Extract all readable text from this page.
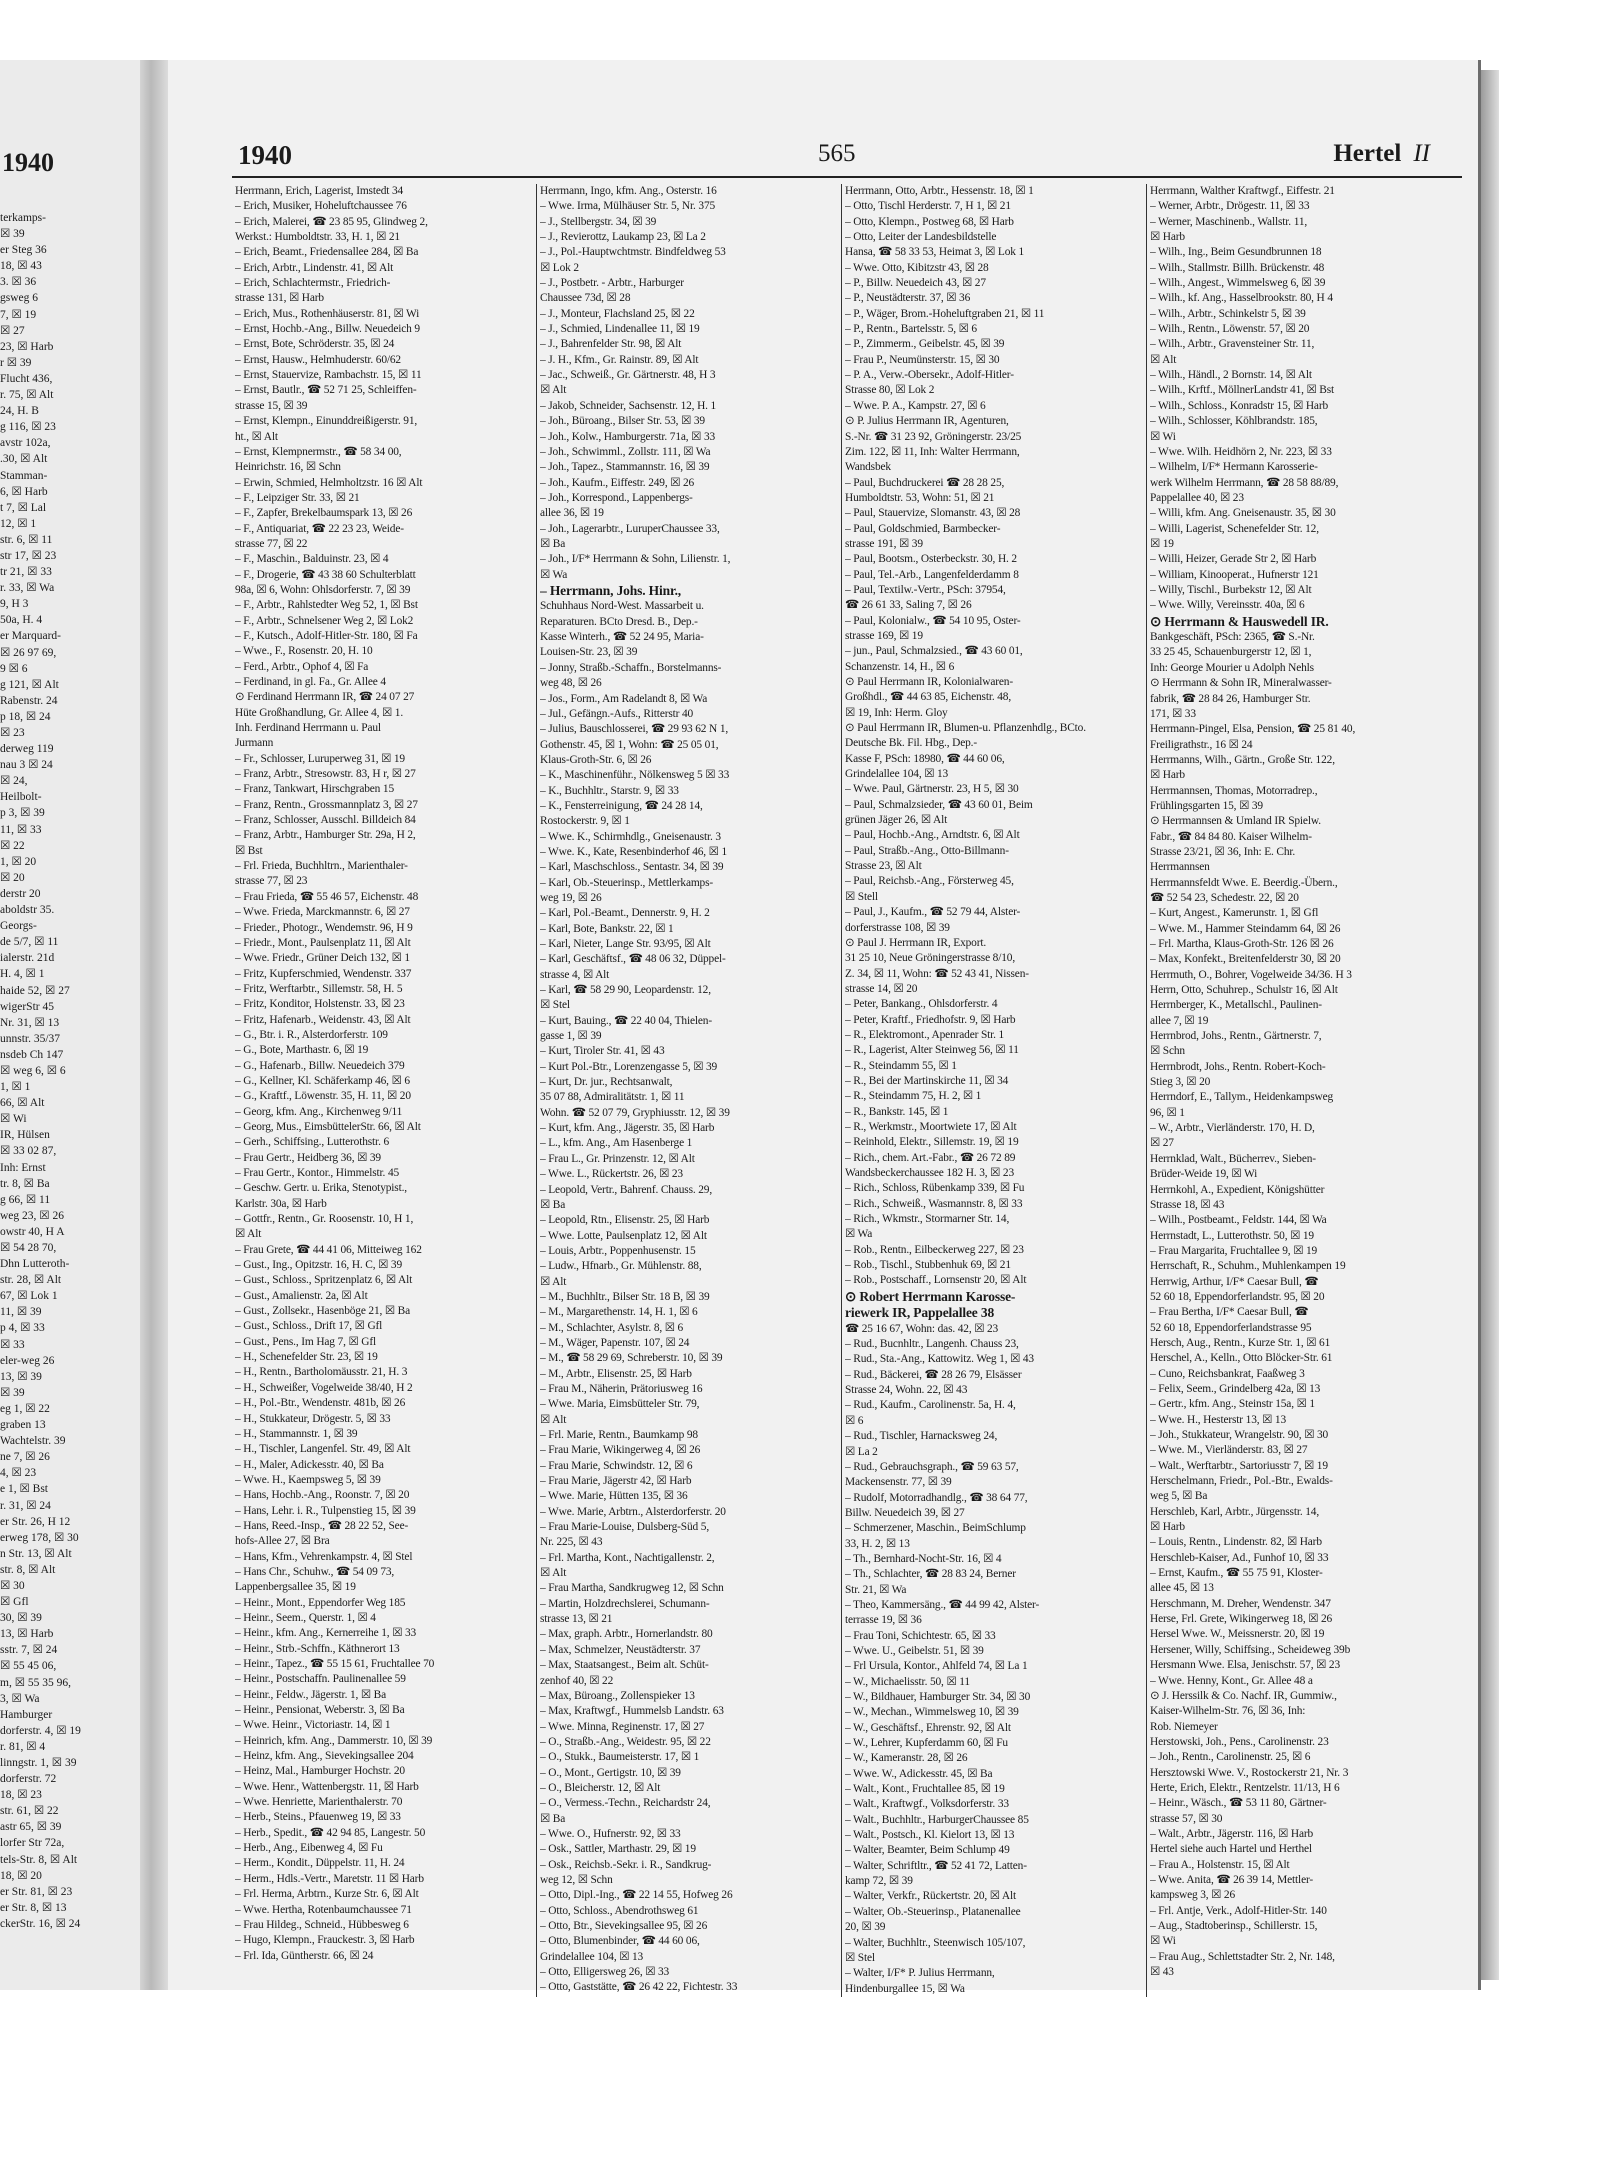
1940
terkamps-
☒ 39
er Steg 36
18, ☒ 43
3. ☒ 36
gsweg 6
7, ☒ 19
☒ 27
23, ☒ Harb
r ☒ 39
Flucht 436,
r. 75, ☒ Alt
24, H. B
g 116, ☒ 23
avstr 102a,
.30, ☒ Alt
Stamman-
6, ☒ Harb
t 7, ☒ Lal
12, ☒ 1
str. 6, ☒ 11
str 17, ☒ 23
tr 21, ☒ 33
r. 33, ☒ Wa
9, H 3
50a, H. 4
er Marquard-
☒ 26 97 69,
9 ☒ 6
g 121, ☒ Alt
Rabenstr. 24
p 18, ☒ 24
☒ 23
derweg 119
nau 3 ☒ 24
☒ 24,
Heilbolt-
p 3, ☒ 39
11, ☒ 33
☒ 22
1, ☒ 20
☒ 20
derstr 20
aboldstr 35.
Georgs-
de 5/7, ☒ 11
ialerstr. 21d
H. 4, ☒ 1
haide 52, ☒ 27
wigerStr 45
Nr. 31, ☒ 13
unnstr. 35/37
nsdeb Ch 147
☒ weg 6, ☒ 6
1, ☒ 1
66, ☒ Alt
☒ Wi
IR, Hülsen
☒ 33 02 87,
Inh: Ernst
tr. 8, ☒ Ba
g 66, ☒ 11
weg 23, ☒ 26
owstr 40, H A
☒ 54 28 70,
Dhn Lutteroth-
str. 28, ☒ Alt
67, ☒ Lok 1
11, ☒ 39
p 4, ☒ 33
☒ 33
eler-weg 26
13, ☒ 39
☒ 39
eg 1, ☒ 22
graben 13
Wachtelstr. 39
ne 7, ☒ 26
4, ☒ 23
e 1, ☒ Bst
r. 31, ☒ 24
er Str. 26, H 12
erweg 178, ☒ 30
n Str. 13, ☒ Alt
str. 8, ☒ Alt
☒ 30
☒ Gfl
30, ☒ 39
13, ☒ Harb
sstr. 7, ☒ 24
☒ 55 45 06,
m, ☒ 55 35 96,
3, ☒ Wa
Hamburger
dorferstr. 4, ☒ 19
r. 81, ☒ 4
linngstr. 1, ☒ 39
dorferstr. 72
18, ☒ 23
str. 61, ☒ 22
astr 65, ☒ 39
lorfer Str 72a,
tels-Str. 8, ☒ Alt
18, ☒ 20
er Str. 81, ☒ 23
er Str. 8, ☒ 13
ckerStr. 16, ☒ 24
1940	565	Hertel II
Herrmann, Erich, Lagerist, Imstedt 34
– Erich, Musiker, Hoheluftchaussee 76
– Erich, Malerei, ☎ 23 85 95, Glindweg 2,
Werkst.: Humboldtstr. 33, H. 1, ☒ 21
– Erich, Beamt., Friedensallee 284, ☒ Ba
– Erich, Arbtr., Lindenstr. 41, ☒ Alt
– Erich, Schlachtermstr., Friedrich-
strasse 131, ☒ Harb
– Erich, Mus., Rothenhäuserstr. 81, ☒ Wi
– Ernst, Hochb.-Ang., Billw. Neuedeich 9
– Ernst, Bote, Schröderstr. 35, ☒ 24
– Ernst, Hausw., Helmhuderstr. 60/62
– Ernst, Stauervize, Rambachstr. 15, ☒ 11
– Ernst, Bautlr., ☎ 52 71 25, Schleiffen-
strasse 15, ☒ 39
– Ernst, Klempn., Einunddreißigerstr. 91,
ht., ☒ Alt
– Ernst, Klempnermstr., ☎ 58 34 00,
Heinrichstr. 16, ☒ Schn
– Erwin, Schmied, Helmholtzstr. 16 ☒ Alt
– F., Leipziger Str. 33, ☒ 21
– F., Zapfer, Brekelbaumspark 13, ☒ 26
– F., Antiquariat, ☎ 22 23 23, Weide-
strasse 77, ☒ 22
– F., Maschin., Balduinstr. 23, ☒ 4
– F., Drogerie, ☎ 43 38 60 Schulterblatt
98a, ☒ 6, Wohn: Ohlsdorferstr. 7, ☒ 39
– F., Arbtr., Rahlstedter Weg 52, 1, ☒ Bst
– F., Arbtr., Schnelsener Weg 2, ☒ Lok2
– F., Kutsch., Adolf-Hitler-Str. 180, ☒ Fa
– Wwe., F., Rosenstr. 20, H. 10
– Ferd., Arbtr., Ophof 4, ☒ Fa
– Ferdinand, in gl. Fa., Gr. Allee 4
⊙ Ferdinand Herrmann IR, ☎ 24 07 27
Hüte Großhandlung, Gr. Allee 4, ☒ 1.
Inh. Ferdinand Herrmann u. Paul
Jurmann
– Fr., Schlosser, Luruperweg 31, ☒ 19
– Franz, Arbtr., Stresowstr. 83, H r, ☒ 27
– Franz, Tankwart, Hirschgraben 15
– Franz, Rentn., Grossmannplatz 3, ☒ 27
– Franz, Schlosser, Ausschl. Billdeich 84
– Franz, Arbtr., Hamburger Str. 29a, H 2,
☒ Bst
– Frl. Frieda, Buchhltrn., Marienthaler-
strasse 77, ☒ 23
– Frau Frieda, ☎ 55 46 57, Eichenstr. 48
– Wwe. Frieda, Marckmannstr. 6, ☒ 27
– Frieder., Photogr., Wendemstr. 96, H 9
– Friedr., Mont., Paulsenplatz 11, ☒ Alt
– Wwe. Friedr., Grüner Deich 132, ☒ 1
– Fritz, Kupferschmied, Wendenstr. 337
– Fritz, Werftarbtr., Sillemstr. 58, H. 5
– Fritz, Konditor, Holstenstr. 33, ☒ 23
– Fritz, Hafenarb., Weidenstr. 43, ☒ Alt
– G., Btr. i. R., Alsterdorferstr. 109
– G., Bote, Marthastr. 6, ☒ 19
– G., Hafenarb., Billw. Neuedeich 379
– G., Kellner, Kl. Schäferkamp 46, ☒ 6
– G., Kraftf., Löwenstr. 35, H. 11, ☒ 20
– Georg, kfm. Ang., Kirchenweg 9/11
– Georg, Mus., EimsbüttelerStr. 66, ☒ Alt
– Gerh., Schiffsing., Lutterothstr. 6
– Frau Gertr., Heidberg 36, ☒ 39
– Frau Gertr., Kontor., Himmelstr. 45
– Geschw. Gertr. u. Erika, Stenotypist.,
Karlstr. 30a, ☒ Harb
– Gottfr., Rentn., Gr. Roosenstr. 10, H 1,
☒ Alt
– Frau Grete, ☎ 44 41 06, Mitteiweg 162
– Gust., Ing., Opitzstr. 16, H. C, ☒ 39
– Gust., Schloss., Spritzenplatz 6, ☒ Alt
– Gust., Amalienstr. 2a, ☒ Alt
– Gust., Zollsekr., Hasenböge 21, ☒ Ba
– Gust., Schloss., Drift 17, ☒ Gfl
– Gust., Pens., Im Hag 7, ☒ Gfl
– H., Schenefelder Str. 23, ☒ 19
– H., Rentn., Bartholomäusstr. 21, H. 3
– H., Schweißer, Vogelweide 38/40, H 2
– H., Pol.-Btr., Wendenstr. 481b, ☒ 26
– H., Stukkateur, Drögestr. 5, ☒ 33
– H., Stammannstr. 1, ☒ 39
– H., Tischler, Langenfel. Str. 49, ☒ Alt
– H., Maler, Adickesstr. 40, ☒ Ba
– Wwe. H., Kaempsweg 5, ☒ 39
– Hans, Hochb.-Ang., Roonstr. 7, ☒ 20
– Hans, Lehr. i. R., Tulpenstieg 15, ☒ 39
– Hans, Reed.-Insp., ☎ 28 22 52, See-
hofs-Allee 27, ☒ Bra
– Hans, Kfm., Vehrenkampstr. 4, ☒ Stel
– Hans Chr., Schuhw., ☎ 54 09 73,
Lappenbergsallee 35, ☒ 19
– Heinr., Mont., Eppendorfer Weg 185
– Heinr., Seem., Querstr. 1, ☒ 4
– Heinr., kfm. Ang., Kernerreihe 1, ☒ 33
– Heinr., Strb.-Schffn., Käthnerort 13
– Heinr., Tapez., ☎ 55 15 61, Fruchtallee 70
– Heinr., Postschaffn. Paulinenallee 59
– Heinr., Feldw., Jägerstr. 1, ☒ Ba
– Heinr., Pensionat, Weberstr. 3, ☒ Ba
– Wwe. Heinr., Victoriastr. 14, ☒ 1
– Heinrich, kfm. Ang., Dammerstr. 10, ☒ 39
– Heinz, kfm. Ang., Sievekingsallee 204
– Heinz, Mal., Hamburger Hochstr. 20
– Wwe. Henr., Wattenbergstr. 11, ☒ Harb
– Wwe. Henriette, Marienthalerstr. 70
– Herb., Steins., Pfauenweg 19, ☒ 33
– Herb., Spedit., ☎ 42 94 85, Langestr. 50
– Herb., Ang., Eibenweg 4, ☒ Fu
– Herm., Kondit., Düppelstr. 11, H. 24
– Herm., Hdls.-Vertr., Maretstr. 11 ☒ Harb
– Frl. Herma, Arbtrn., Kurze Str. 6, ☒ Alt
– Wwe. Hertha, Rotenbaumchaussee 71
– Frau Hildeg., Schneid., Hübbesweg 6
– Hugo, Klempn., Frauckestr. 3, ☒ Harb
– Frl. Ida, Güntherstr. 66, ☒ 24
Herrmann, Ingo, kfm. Ang., Osterstr. 16
– Wwe. Irma, Mülhäuser Str. 5, Nr. 375
– J., Stellbergstr. 34, ☒ 39
– J., Revierottz, Laukamp 23, ☒ La 2
– J., Pol.-Hauptwchtmstr. Bindfeldweg 53
☒ Lok 2
– J., Postbetr. - Arbtr., Harburger
Chaussee 73d, ☒ 28
– J., Monteur, Flachsland 25, ☒ 22
– J., Schmied, Lindenallee 11, ☒ 19
– J., Bahrenfelder Str. 98, ☒ Alt
– J. H., Kfm., Gr. Rainstr. 89, ☒ Alt
– Jac., Schweiß., Gr. Gärtnerstr. 48, H 3
☒ Alt
– Jakob, Schneider, Sachsenstr. 12, H. 1
– Joh., Büroang., Bilser Str. 53, ☒ 39
– Joh., Kolw., Hamburgerstr. 71a, ☒ 33
– Joh., Schwimml., Zollstr. 111, ☒ Wa
– Joh., Tapez., Stammannstr. 16, ☒ 39
– Joh., Kaufm., Eiffestr. 249, ☒ 26
– Joh., Korrespond., Lappenbergs-
allee 36, ☒ 19
– Joh., Lagerarbtr., LuruperChaussee 33,
☒ Ba
– Joh., I/F* Herrmann & Sohn, Lilienstr. 1,
☒ Wa
– Herrmann, Johs. Hinr.,
Schuhhaus Nord-West. Massarbeit u.
Reparaturen. BCto Dresd. B., Dep.-
Kasse Winterh., ☎ 52 24 95, Maria-
Louisen-Str. 23, ☒ 39
– Jonny, Straßb.-Schaffn., Borstelmanns-
weg 48, ☒ 26
– Jos., Form., Am Radelandt 8, ☒ Wa
– Jul., Gefängn.-Aufs., Ritterstr 40
– Julius, Bauschlosserei, ☎ 29 93 62 N 1,
Gothenstr. 45, ☒ 1, Wohn: ☎ 25 05 01,
Klaus-Groth-Str. 6, ☒ 26
– K., Maschinenführ., Nölkensweg 5 ☒ 33
– K., Buchhltr., Starstr. 9, ☒ 33
– K., Fensterreinigung, ☎ 24 28 14,
Rostockerstr. 9, ☒ 1
– Wwe. K., Schirmhdlg., Gneisenaustr. 3
– Wwe. K., Kate, Resenbinderhof 46, ☒ 1
– Karl, Maschschloss., Sentastr. 34, ☒ 39
– Karl, Ob.-Steuerinsp., Mettlerkamps-
weg 19, ☒ 26
– Karl, Pol.-Beamt., Dennerstr. 9, H. 2
– Karl, Bote, Bankstr. 22, ☒ 1
– Karl, Nieter, Lange Str. 93/95, ☒ Alt
– Karl, Geschäftsf., ☎ 48 06 32, Düppel-
strasse 4, ☒ Alt
– Karl, ☎ 58 29 90, Leopardenstr. 12,
☒ Stel
– Kurt, Bauing., ☎ 22 40 04, Thielen-
gasse 1, ☒ 39
– Kurt, Tiroler Str. 41, ☒ 43
– Kurt Pol.-Btr., Lorenzengasse 5, ☒ 39
– Kurt, Dr. jur., Rechtsanwalt,
35 07 88, Admiralitätstr. 1, ☒ 11
Wohn. ☎ 52 07 79, Gryphiusstr. 12, ☒ 39
– Kurt, kfm. Ang., Jägerstr. 35, ☒ Harb
– L., kfm. Ang., Am Hasenberge 1
– Frau L., Gr. Prinzenstr. 12, ☒ Alt
– Wwe. L., Rückertstr. 26, ☒ 23
– Leopold, Vertr., Bahrenf. Chauss. 29,
☒ Ba
– Leopold, Rtn., Elisenstr. 25, ☒ Harb
– Wwe. Lotte, Paulsenplatz 12, ☒ Alt
– Louis, Arbtr., Poppenhusenstr. 15
– Ludw., Hfnarb., Gr. Mühlenstr. 88,
☒ Alt
– M., Buchhltr., Bilser Str. 18 B, ☒ 39
– M., Margarethenstr. 14, H. 1, ☒ 6
– M., Schlachter, Asylstr. 8, ☒ 6
– M., Wäger, Papenstr. 107, ☒ 24
– M., ☎ 58 29 69, Schreberstr. 10, ☒ 39
– M., Arbtr., Elisenstr. 25, ☒ Harb
– Frau M., Näherin, Prätoriusweg 16
– Wwe. Maria, Eimsbütteler Str. 79,
☒ Alt
– Frl. Marie, Rentn., Baumkamp 98
– Frau Marie, Wikingerweg 4, ☒ 26
– Frau Marie, Schwindstr. 12, ☒ 6
– Frau Marie, Jägerstr 42, ☒ Harb
– Wwe. Marie, Hütten 135, ☒ 36
– Wwe. Marie, Arbtrn., Alsterdorferstr. 20
– Frau Marie-Louise, Dulsberg-Süd 5,
Nr. 225, ☒ 43
– Frl. Martha, Kont., Nachtigallenstr. 2,
☒ Alt
– Frau Martha, Sandkrugweg 12, ☒ Schn
– Martin, Holzdrechslerei, Schumann-
strasse 13, ☒ 21
– Max, graph. Arbtr., Hornerlandstr. 80
– Max, Schmelzer, Neustädterstr. 37
– Max, Staatsangest., Beim alt. Schüt-
zenhof 40, ☒ 22
– Max, Büroang., Zollenspieker 13
– Max, Kraftwgf., Hummelsb Landstr. 63
– Wwe. Minna, Reginenstr. 17, ☒ 27
– O., Straßb.-Ang., Weidestr. 95, ☒ 22
– O., Stukk., Baumeisterstr. 17, ☒ 1
– O., Mont., Gertigstr. 10, ☒ 39
– O., Bleicherstr. 12, ☒ Alt
– O., Vermess.-Techn., Reichardstr 24,
☒ Ba
– Wwe. O., Hufnerstr. 92, ☒ 33
– Osk., Sattler, Marthastr. 29, ☒ 19
– Osk., Reichsb.-Sekr. i. R., Sandkrug-
weg 12, ☒ Schn
– Otto, Dipl.-Ing., ☎ 22 14 55, Hofweg 26
– Otto, Schloss., Abendrothsweg 61
– Otto, Btr., Sievekingsallee 95, ☒ 26
– Otto, Blumenbinder, ☎ 44 60 06,
Grindelallee 104, ☒ 13
– Otto, Elligersweg 26, ☒ 33
– Otto, Gaststätte, ☎ 26 42 22, Fichtestr. 33
Herrmann, Otto, Arbtr., Hessenstr. 18, ☒ 1
– Otto, Tischl Herderstr. 7, H 1, ☒ 21
– Otto, Klempn., Postweg 68, ☒ Harb
– Otto, Leiter der Landesbildstelle
Hansa, ☎ 58 33 53, Heimat 3, ☒ Lok 1
– Wwe. Otto, Kibitzstr 43, ☒ 28
– P., Billw. Neuedeich 43, ☒ 27
– P., Neustädterstr. 37, ☒ 36
– P., Wäger, Brom.-Hoheluftgraben 21, ☒ 11
– P., Rentn., Bartelsstr. 5, ☒ 6
– P., Zimmerm., Geibelstr. 45, ☒ 39
– Frau P., Neumünsterstr. 15, ☒ 30
– P. A., Verw.-Obersekr., Adolf-Hitler-
Strasse 80, ☒ Lok 2
– Wwe. P. A., Kampstr. 27, ☒ 6
⊙ P. Julius Herrmann IR, Agenturen,
S.-Nr. ☎ 31 23 92, Gröningerstr. 23/25
Zim. 122, ☒ 11, Inh: Walter Herrmann,
Wandsbek
– Paul, Buchdruckerei ☎ 28 28 25,
Humboldtstr. 53, Wohn: 51, ☒ 21
– Paul, Stauervize, Slomanstr. 43, ☒ 28
– Paul, Goldschmied, Barmbecker-
strasse 191, ☒ 39
– Paul, Bootsm., Osterbeckstr. 30, H. 2
– Paul, Tel.-Arb., Langenfelderdamm 8
– Paul, Textilw.-Vertr., PSch: 37954,
☎ 26 61 33, Saling 7, ☒ 26
– Paul, Kolonialw., ☎ 54 10 95, Oster-
strasse 169, ☒ 19
– jun., Paul, Schmalzsied., ☎ 43 60 01,
Schanzenstr. 14, H., ☒ 6
⊙ Paul Herrmann IR, Kolonialwaren-
Großhdl., ☎ 44 63 85, Eichenstr. 48,
☒ 19, Inh: Herm. Gloy
⊙ Paul Herrmann IR, Blumen-u. Pflanzenhdlg., BCto.
Deutsche Bk. Fil. Hbg., Dep.-
Kasse F, PSch: 18980, ☎ 44 60 06,
Grindelallee 104, ☒ 13
– Wwe. Paul, Gärtnerstr. 23, H 5, ☒ 30
– Paul, Schmalzsieder, ☎ 43 60 01, Beim
grünen Jäger 26, ☒ Alt
– Paul, Hochb.-Ang., Arndtstr. 6, ☒ Alt
– Paul, Straßb.-Ang., Otto-Billmann-
Strasse 23, ☒ Alt
– Paul, Reichsb.-Ang., Försterweg 45,
☒ Stell
– Paul, J., Kaufm., ☎ 52 79 44, Alster-
dorferstrasse 108, ☒ 39
⊙ Paul J. Herrmann IR, Export.
31 25 10, Neue Gröningerstrasse 8/10,
Z. 34, ☒ 11, Wohn: ☎ 52 43 41, Nissen-
strasse 14, ☒ 20
– Peter, Bankang., Ohlsdorferstr. 4
– Peter, Kraftf., Friedhofstr. 9, ☒ Harb
– R., Elektromont., Apenrader Str. 1
– R., Lagerist, Alter Steinweg 56, ☒ 11
– R., Steindamm 55, ☒ 1
– R., Bei der Martinskirche 11, ☒ 34
– R., Steindamm 75, H. 2, ☒ 1
– R., Bankstr. 145, ☒ 1
– R., Werkmstr., Moortwiete 17, ☒ Alt
– Reinhold, Elektr., Sillemstr. 19, ☒ 19
– Rich., chem. Art.-Fabr., ☎ 26 72 89
Wandsbeckerchaussee 182 H. 3, ☒ 23
– Rich., Schloss, Rübenkamp 339, ☒ Fu
– Rich., Schweiß., Wasmannstr. 8, ☒ 33
– Rich., Wkmstr., Stormarner Str. 14,
☒ Wa
– Rob., Rentn., Eilbeckerweg 227, ☒ 23
– Rob., Tischl., Stubbenhuk 69, ☒ 21
– Rob., Postschaff., Lornsenstr 20, ☒ Alt
⊙ Robert Herrmann Karosse-
riewerk IR, Pappelallee 38
☎ 25 16 67, Wohn: das. 42, ☒ 23
– Rud., Bucnhltr., Langenh. Chauss 23,
– Rud., Sta.-Ang., Kattowitz. Weg 1, ☒ 43
– Rud., Bäckerei, ☎ 28 26 79, Elsässer
Strasse 24, Wohn. 22, ☒ 43
– Rud., Kaufm., Carolinenstr. 5a, H. 4,
☒ 6
– Rud., Tischler, Harnacksweg 24,
☒ La 2
– Rud., Gebrauchsgraph., ☎ 59 63 57,
Mackensenstr. 77, ☒ 39
– Rudolf, Motorradhandlg., ☎ 38 64 77,
Billw. Neuedeich 39, ☒ 27
– Schmerzener, Maschin., BeimSchlump
33, H. 2, ☒ 13
– Th., Bernhard-Nocht-Str. 16, ☒ 4
– Th., Schlachter, ☎ 28 83 24, Berner
Str. 21, ☒ Wa
– Theo, Kammersäng., ☎ 44 99 42, Alster-
terrasse 19, ☒ 36
– Frau Toni, Schichtestr. 65, ☒ 33
– Wwe. U., Geibelstr. 51, ☒ 39
– Frl Ursula, Kontor., Ahlfeld 74, ☒ La 1
– W., Michaelisstr. 50, ☒ 11
– W., Bildhauer, Hamburger Str. 34, ☒ 30
– W., Mechan., Wimmelsweg 10, ☒ 39
– W., Geschäftsf., Ehrenstr. 92, ☒ Alt
– W., Lehrer, Kupferdamm 60, ☒ Fu
– W., Kameranstr. 28, ☒ 26
– Wwe. W., Adickesstr. 45, ☒ Ba
– Walt., Kont., Fruchtallee 85, ☒ 19
– Walt., Kraftwgf., Volksdorferstr. 33
– Walt., Buchhltr., HarburgerChaussee 85
– Walt., Postsch., Kl. Kielort 13, ☒ 13
– Walter, Beamter, Beim Schlump 49
– Walter, Schriftltr., ☎ 52 41 72, Latten-
kamp 72, ☒ 39
– Walter, Verkfr., Rückertstr. 20, ☒ Alt
– Walter, Ob.-Steuerinsp., Platanenallee
20, ☒ 39
– Walter, Buchhltr., Steenwisch 105/107,
☒ Stel
– Walter, I/F* P. Julius Herrmann,
Hindenburgallee 15, ☒ Wa
Herrmann, Walther Kraftwgf., Eiffestr. 21
– Werner, Arbtr., Drögestr. 11, ☒ 33
– Werner, Maschinenb., Wallstr. 11,
☒ Harb
– Wilh., Ing., Beim Gesundbrunnen 18
– Wilh., Stallmstr. Billh. Brückenstr. 48
– Wilh., Angest., Wimmelsweg 6, ☒ 39
– Wilh., kf. Ang., Hasselbrookstr. 80, H 4
– Wilh., Arbtr., Schinkelstr 5, ☒ 39
– Wilh., Rentn., Löwenstr. 57, ☒ 20
– Wilh., Arbtr., Gravensteiner Str. 11,
☒ Alt
– Wilh., Händl., 2 Bornstr. 14, ☒ Alt
– Wilh., Krftf., MöllnerLandstr 41, ☒ Bst
– Wilh., Schloss., Konradstr 15, ☒ Harb
– Wilh., Schlosser, Köhlbrandstr. 185,
☒ Wi
– Wwe. Wilh. Heidhörn 2, Nr. 223, ☒ 33
– Wilhelm, I/F* Hermann Karosserie-
werk Wilhelm Herrmann, ☎ 28 58 88/89,
Pappelallee 40, ☒ 23
– Willi, kfm. Ang. Gneisenaustr. 35, ☒ 30
– Willi, Lagerist, Schenefelder Str. 12,
☒ 19
– Willi, Heizer, Gerade Str 2, ☒ Harb
– William, Kinooperat., Hufnerstr 121
– Willy, Tischl., Burbekstr 12, ☒ Alt
– Wwe. Willy, Vereinsstr. 40a, ☒ 6
⊙ Herrmann & Hauswedell IR.
Bankgeschäft, PSch: 2365, ☎ S.-Nr.
33 25 45, Schauenburgerstr 12, ☒ 1,
Inh: George Mourier u Adolph Nehls
⊙ Herrmann & Sohn IR, Mineralwasser-
fabrik, ☎ 28 84 26, Hamburger Str.
171, ☒ 33
Herrmann-Pingel, Elsa, Pension, ☎ 25 81 40,
Freiligrathstr., 16 ☒ 24
Herrmanns, Wilh., Gärtn., Große Str. 122,
☒ Harb
Herrmannsen, Thomas, Motorradrep.,
Frühlingsgarten 15, ☒ 39
⊙ Herrmannsen & Umland IR Spielw.
Fabr., ☎ 84 84 80. Kaiser Wilhelm-
Strasse 23/21, ☒ 36, Inh: E. Chr.
Herrmannsen
Herrmannsfeldt Wwe. E. Beerdig.-Übern.,
☎ 52 54 23, Schedestr. 22, ☒ 20
– Kurt, Angest., Kamerunstr. 1, ☒ Gfl
– Wwe. M., Hammer Steindamm 64, ☒ 26
– Frl. Martha, Klaus-Groth-Str. 126 ☒ 26
– Max, Konfekt., Breitenfelderstr 30, ☒ 20
Herrmuth, O., Bohrer, Vogelweide 34/36. H 3
Herrn, Otto, Schuhrep., Schulstr 16, ☒ Alt
Herrnberger, K., Metallschl., Paulinen-
allee 7, ☒ 19
Herrnbrod, Johs., Rentn., Gärtnerstr. 7,
☒ Schn
Herrnbrodt, Johs., Rentn. Robert-Koch-
Stieg 3, ☒ 20
Herrndorf, E., Tallym., Heidenkampsweg
96, ☒ 1
– W., Arbtr., Vierländerstr. 170, H. D,
☒ 27
Herrnklad, Walt., Bücherrev., Sieben-
Brüder-Weide 19, ☒ Wi
Herrnkohl, A., Expedient, Königshütter
Strasse 18, ☒ 43
– Wilh., Postbeamt., Feldstr. 144, ☒ Wa
Herrnstadt, L., Lutterothstr. 50, ☒ 19
– Frau Margarita, Fruchtallee 9, ☒ 19
Herrschaft, R., Schuhm., Muhlenkampen 19
Herrwig, Arthur, I/F* Caesar Bull, ☎
52 60 18, Eppendorferlandstr. 95, ☒ 20
– Frau Bertha, I/F* Caesar Bull, ☎
52 60 18, Eppendorferlandstrasse 95
Hersch, Aug., Rentn., Kurze Str. 1, ☒ 61
Herschel, A., Kelln., Otto Blöcker-Str. 61
– Cuno, Reichsbankrat, Faaßweg 3
– Felix, Seem., Grindelberg 42a, ☒ 13
– Gertr., kfm. Ang., Steinstr 15a, ☒ 1
– Wwe. H., Hesterstr 13, ☒ 13
– Joh., Stukkateur, Wrangelstr. 90, ☒ 30
– Wwe. M., Vierländerstr. 83, ☒ 27
– Walt., Werftarbtr., Sartoriusstr 7, ☒ 19
Herschelmann, Friedr., Pol.-Btr., Ewalds-
weg 5, ☒ Ba
Herschleb, Karl, Arbtr., Jürgensstr. 14,
☒ Harb
– Louis, Rentn., Lindenstr. 82, ☒ Harb
Herschleb-Kaiser, Ad., Funhof 10, ☒ 33
– Ernst, Kaufm., ☎ 55 75 91, Kloster-
allee 45, ☒ 13
Herschmann, M. Dreher, Wendenstr. 347
Herse, Frl. Grete, Wikingerweg 18, ☒ 26
Hersel Wwe. W., Meissnerstr. 20, ☒ 19
Hersener, Willy, Schiffsing., Scheideweg 39b
Hersmann Wwe. Elsa, Jenischstr. 57, ☒ 23
– Wwe. Henny, Kont., Gr. Allee 48 a
⊙ J. Herssilk & Co. Nachf. IR, Gummiw.,
Kaiser-Wilhelm-Str. 76, ☒ 36, Inh:
Rob. Niemeyer
Herstowski, Joh., Pens., Carolinenstr. 23
– Joh., Rentn., Carolinenstr. 25, ☒ 6
Hersztowski Wwe. V., Rostockerstr 21, Nr. 3
Herte, Erich, Elektr., Rentzelstr. 11/13, H 6
– Heinr., Wäsch., ☎ 53 11 80, Gärtner-
strasse 57, ☒ 30
– Walt., Arbtr., Jägerstr. 116, ☒ Harb
Hertel siehe auch Hartel und Herthel
– Frau A., Holstenstr. 15, ☒ Alt
– Wwe. Anita, ☎ 26 39 14, Mettler-
kampsweg 3, ☒ 26
– Frl. Antje, Verk., Adolf-Hitler-Str. 140
– Aug., Stadtoberinsp., Schillerstr. 15,
☒ Wi
– Frau Aug., Schlettstadter Str. 2, Nr. 148,
☒ 43
